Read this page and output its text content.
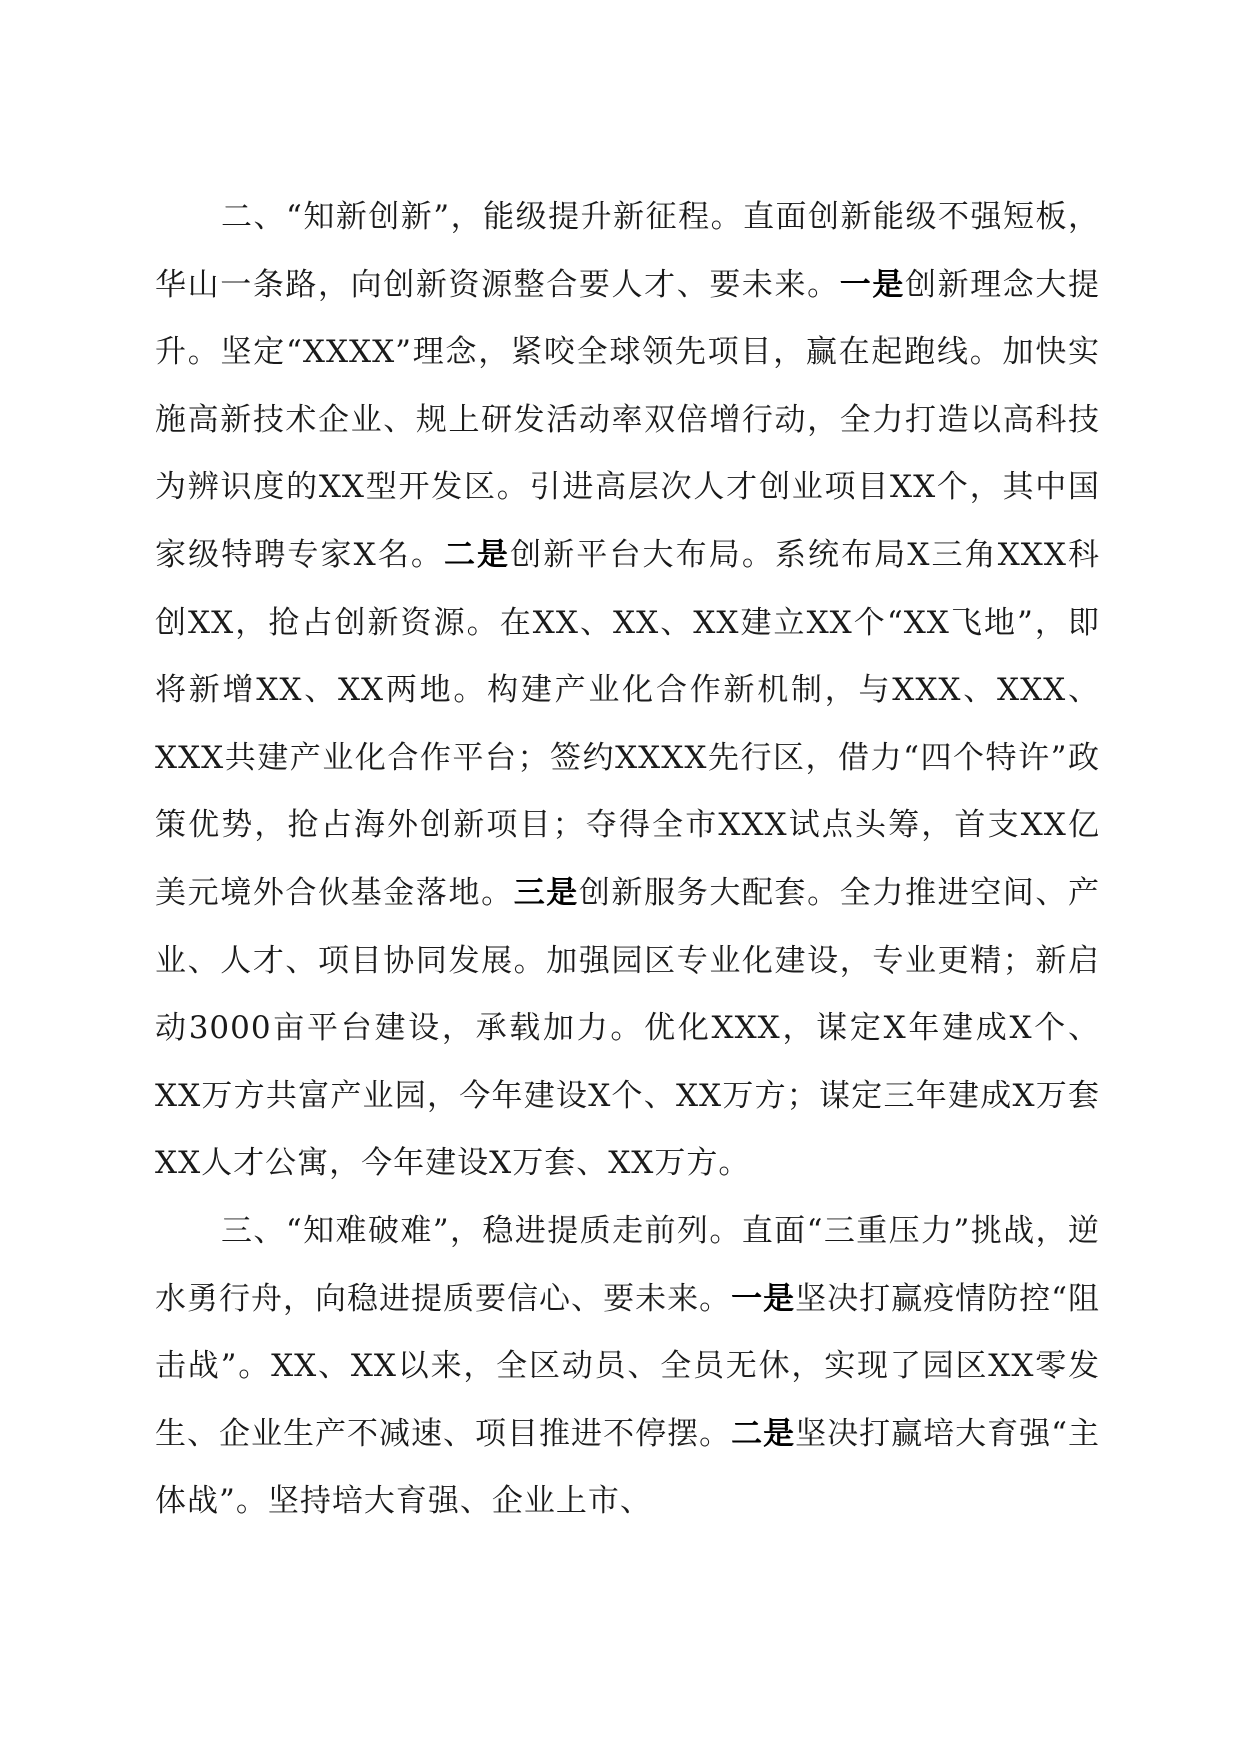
二、“知新创新”，能级提升新征程。直面创新能级不强短板，华山一条路，向创新资源整合要人才、要未来。一是创新理念大提升。坚定“XXXX”理念，紧咬全球领先项目，赢在起跑线。加快实施高新技术企业、规上研发活动率双倍增行动，全力打造以高科技为辨识度的XX型开发区。引进高层次人才创业项目XX个，其中国家级特聘专家X名。二是创新平台大布局。系统布局X三角XXX科创XX，抢占创新资源。在XX、XX、XX建立XX个“XX飞地”，即将新增XX、XX两地。构建产业化合作新机制，与XXX、XXX、XXX共建产业化合作平台；签约XXXX先行区，借力“四个特许”政策优势，抢占海外创新项目；夺得全市XXX试点头筹，首支XX亿美元境外合伙基金落地。三是创新服务大配套。全力推进空间、产业、人才、项目协同发展。加强园区专业化建设，专业更精；新启动3000亩平台建设，承载加力。优化XXX，谋定X年建成X个、XX万方共富产业园，今年建设X个、XX万方；谋定三年建成X万套XX人才公寓，今年建设X万套、XX万方。

三、“知难破难”，稳进提质走前列。直面“三重压力”挑战，逆水勇行舟，向稳进提质要信心、要未来。一是坚决打赢疫情防控“阻击战”。XX、XX以来，全区动员、全员无休，实现了园区XX零发生、企业生产不减速、项目推进不停摆。二是坚决打赢培大育强“主体战”。坚持培大育强、企业上市、
